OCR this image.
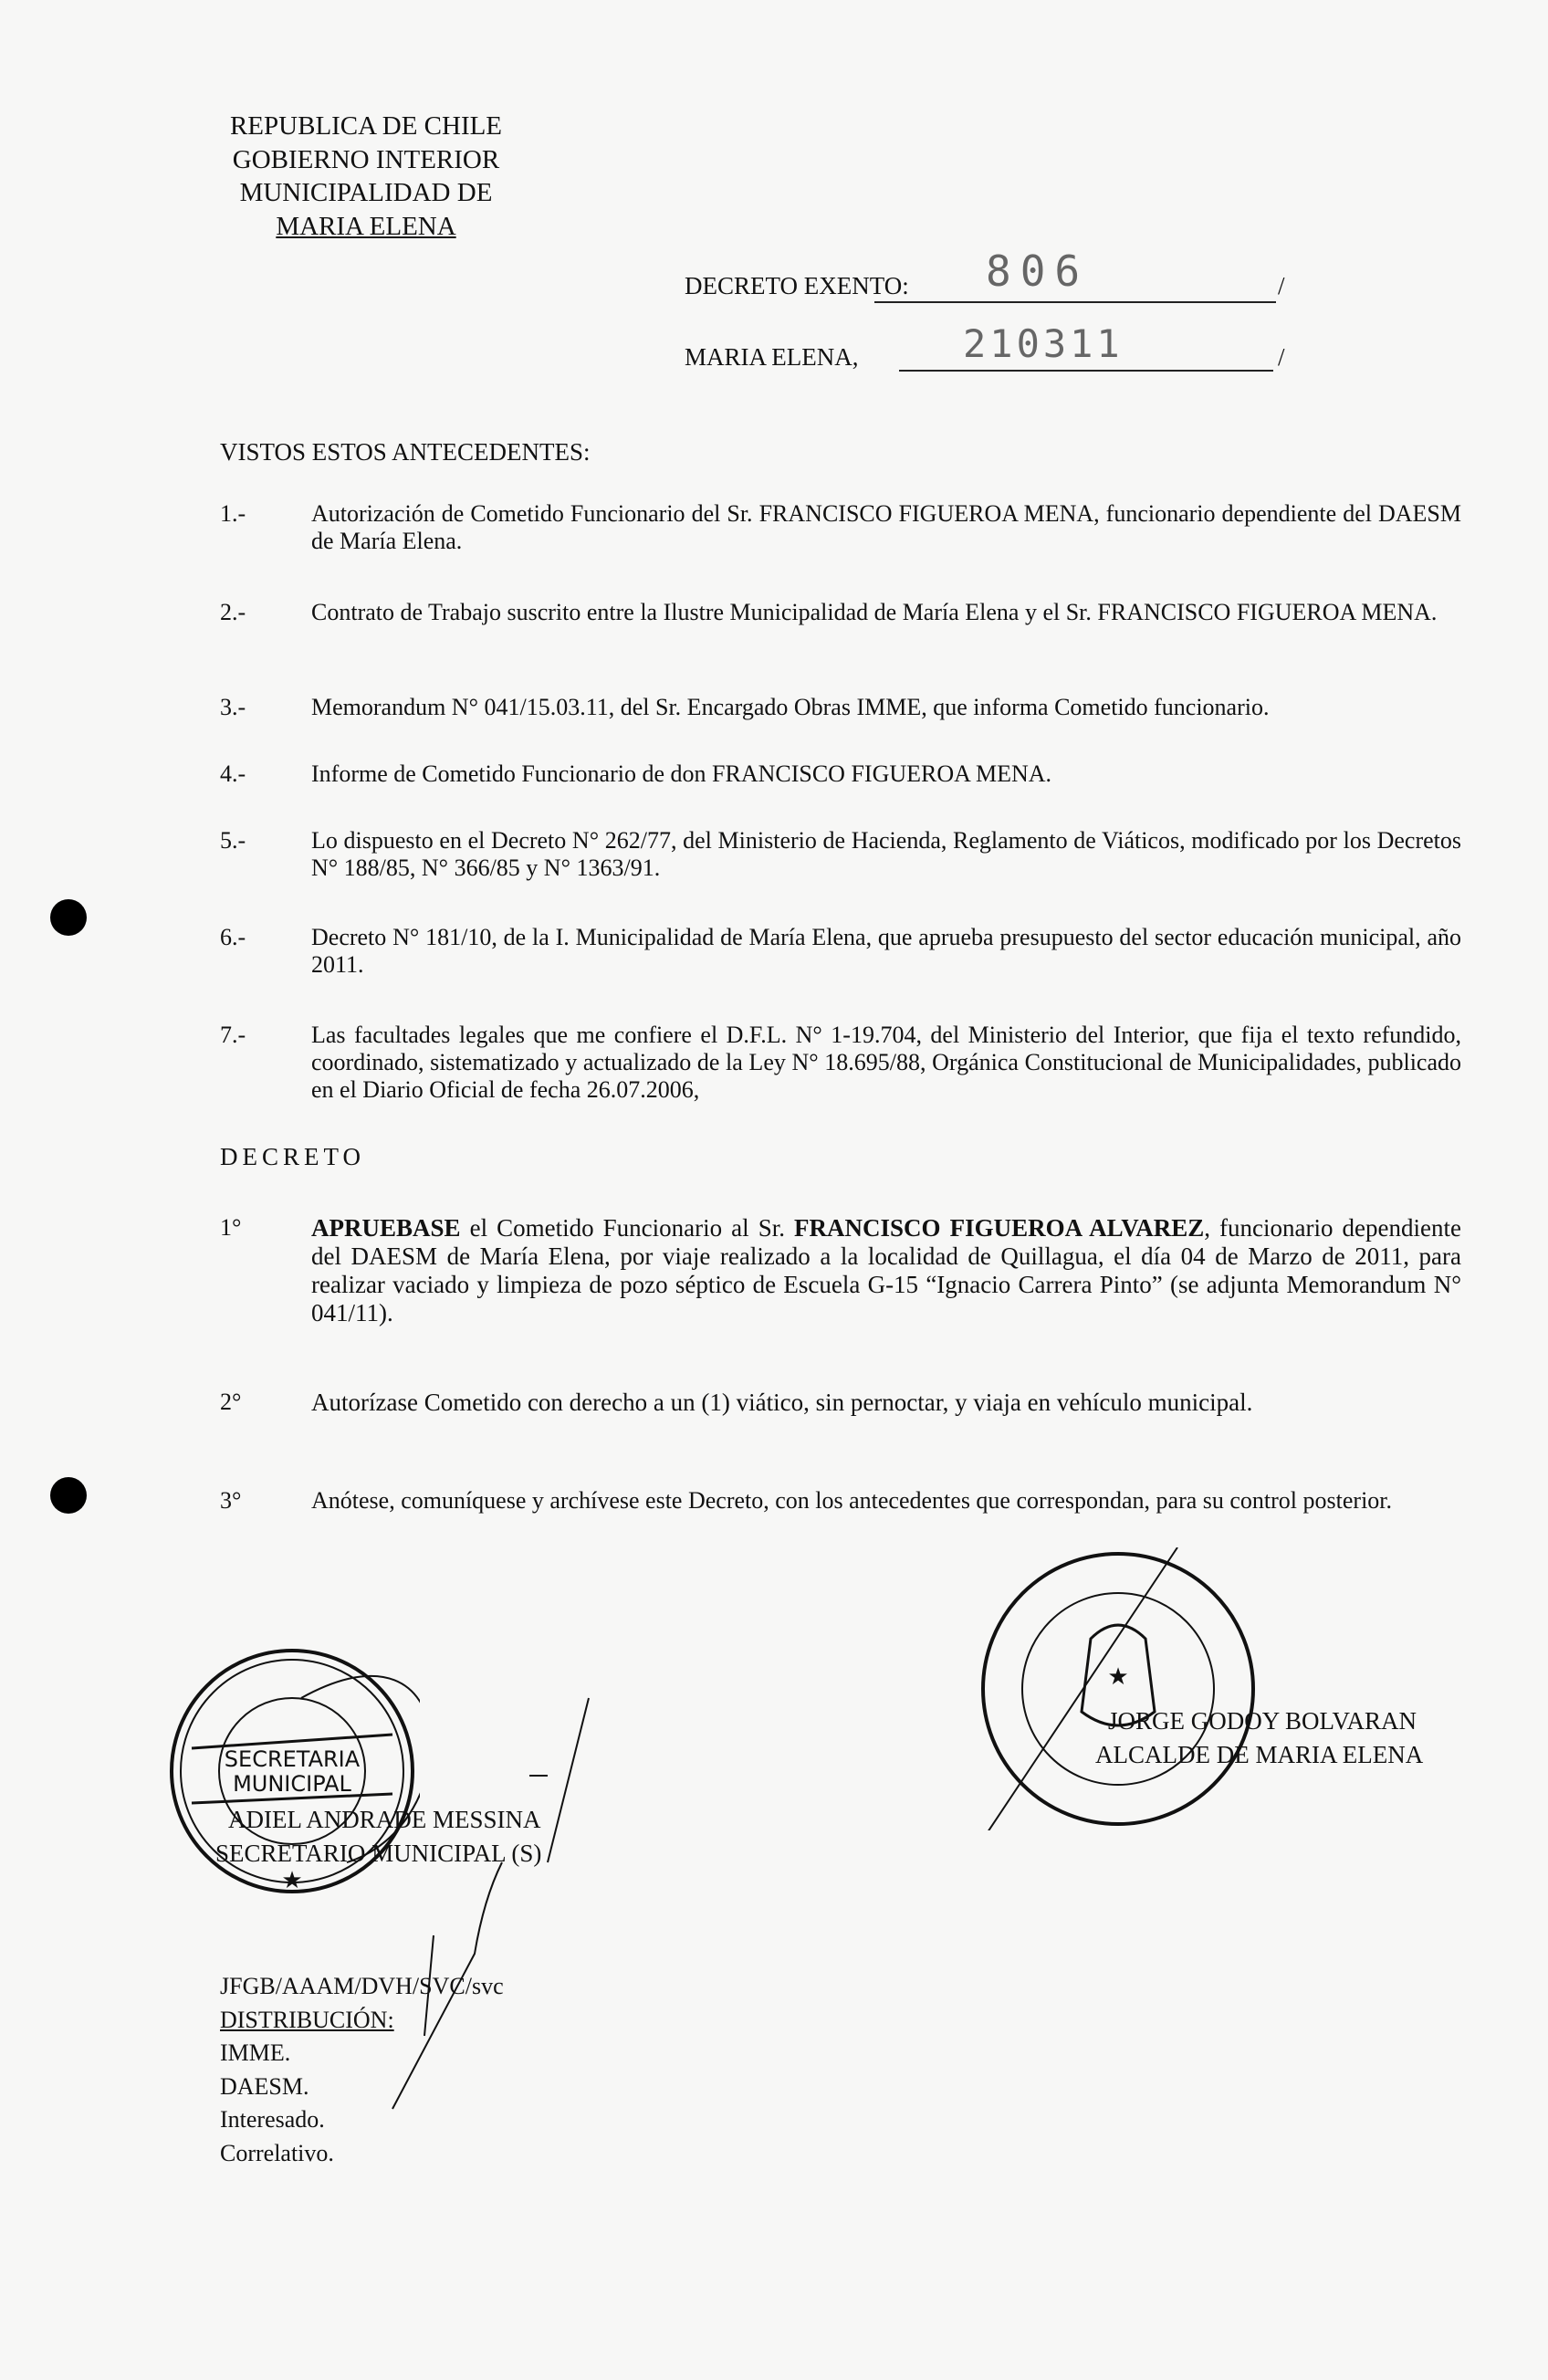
REPUBLICA DE CHILE
GOBIERNO INTERIOR
MUNICIPALIDAD DE
MARIA ELENA
DECRETO EXENTO: 806	/
MARIA ELENA,	210311	/
VISTOS ESTOS ANTECEDENTES:
1.-	Autorización de Cometido Funcionario del Sr. FRANCISCO FIGUEROA MENA, funcionario dependiente del DAESM de María Elena.
2.-	Contrato de Trabajo suscrito entre la Ilustre Municipalidad de María Elena y el Sr. FRANCISCO FIGUEROA MENA.
3.-	Memorandum N° 041/15.03.11, del Sr. Encargado Obras IMME, que informa Cometido funcionario.
4.-	Informe de Cometido Funcionario de don FRANCISCO FIGUEROA MENA.
5.-	Lo dispuesto en el Decreto N° 262/77, del Ministerio de Hacienda, Reglamento de Viáticos, modificado por los Decretos N° 188/85, N° 366/85 y N° 1363/91.
6.-	Decreto N° 181/10, de la I. Municipalidad de María Elena, que aprueba presupuesto del sector educación municipal, año 2011.
7.-	Las facultades legales que me confiere el D.F.L. N° 1-19.704, del Ministerio del Interior, que fija el texto refundido, coordinado, sistematizado y actualizado de la Ley N° 18.695/88, Orgánica Constitucional de Municipalidades, publicado en el Diario Oficial de fecha 26.07.2006,
DECRETO
1°	APRUEBASE el Cometido Funcionario al Sr. FRANCISCO FIGUEROA ALVAREZ, funcionario dependiente del DAESM de María Elena, por viaje realizado a la localidad de Quillagua, el día 04 de Marzo de 2011, para realizar vaciado y limpieza de pozo séptico de Escuela G-15 “Ignacio Carrera Pinto” (se adjunta Memorandum N° 041/11).
2°	Autorízase Cometido con derecho a un (1) viático, sin pernoctar, y viaja en vehículo municipal.
3°	Anótese, comuníquese y archívese este Decreto, con los antecedentes que correspondan, para su control posterior.
SECRETARIA
MUNICIPAL
★
ADIEL ANDRADE MESSINA
SECRETARIO MUNICIPAL (S)
★
JORGE GODOY BOLVARAN
ALCALDE DE MARIA ELENA
JFGB/AAAM/DVH/SVC/svc
DISTRIBUCIÓN:
IMME.
DAESM.
Interesado.
Correlativo.
